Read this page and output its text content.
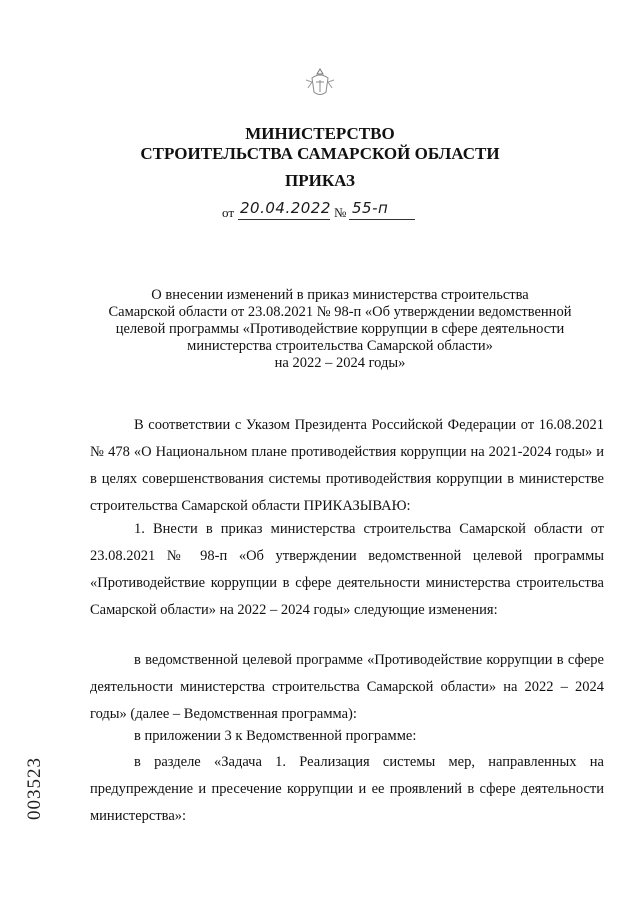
МИНИСТЕРСТВО
СТРОИТЕЛЬСТВА САМАРСКОЙ ОБЛАСТИ
ПРИКАЗ
от 20.04.2022 № 55-п
О внесении изменений в приказ министерства строительства
Самарской области от 23.08.2021 № 98-п «Об утверждении ведомственной
целевой программы «Противодействие коррупции в сфере деятельности
министерства строительства Самарской области»
на 2022 – 2024 годы»

В соответствии с Указом Президента Российской Федерации от 16.08.2021 № 478 «О Национальном плане противодействия коррупции на 2021-2024 годы» и в целях совершенствования системы противодействия коррупции в министерстве строительства Самарской области ПРИКАЗЫВАЮ:

1. Внести в приказ министерства строительства Самарской области от 23.08.2021 № 98-п «Об утверждении ведомственной целевой программы «Противодействие коррупции в сфере деятельности министерства строительства Самарской области» на 2022 – 2024 годы» следующие изменения:

в ведомственной целевой программе «Противодействие коррупции в сфере деятельности министерства строительства Самарской области» на 2022 – 2024 годы» (далее – Ведомственная программа):

в приложении 3 к Ведомственной программе:

в разделе «Задача 1. Реализация системы мер, направленных на предупреждение и пресечение коррупции и ее проявлений в сфере деятельности министерства»:

003523
